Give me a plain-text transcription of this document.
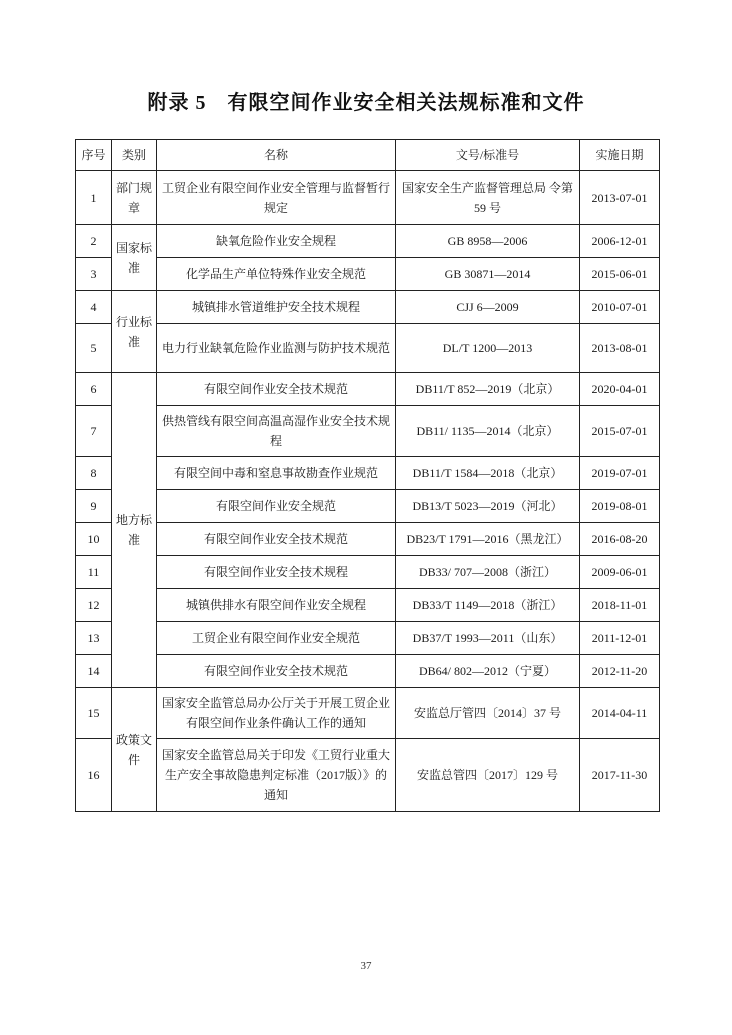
附录 5　有限空间作业安全相关法规标准和文件
序号	类别	名称	文号/标准号	实施日期
1	部门规章	工贸企业有限空间作业安全管理与监督暂行规定	国家安全生产监督管理总局 令第 59 号	2013-07-01
2	国家标准	缺氧危险作业安全规程	GB 8958—2006	2006-12-01
3		化学品生产单位特殊作业安全规范	GB 30871—2014	2015-06-01
4	行业标准	城镇排水管道维护安全技术规程	CJJ 6—2009	2010-07-01
5		电力行业缺氧危险作业监测与防护技术规范	DL/T 1200—2013	2013-08-01
6	地方标准	有限空间作业安全技术规范	DB11/T 852—2019（北京）	2020-04-01
7		供热管线有限空间高温高湿作业安全技术规程	DB11/ 1135—2014（北京）	2015-07-01
8		有限空间中毒和窒息事故勘查作业规范	DB11/T 1584—2018（北京）	2019-07-01
9		有限空间作业安全规范	DB13/T 5023—2019（河北）	2019-08-01
10		有限空间作业安全技术规范	DB23/T 1791—2016（黑龙江）	2016-08-20
11		有限空间作业安全技术规程	DB33/ 707—2008（浙江）	2009-06-01
12		城镇供排水有限空间作业安全规程	DB33/T 1149—2018（浙江）	2018-11-01
13		工贸企业有限空间作业安全规范	DB37/T 1993—2011（山东）	2011-12-01
14		有限空间作业安全技术规范	DB64/ 802—2012（宁夏）	2012-11-20
15	政策文件	国家安全监管总局办公厅关于开展工贸企业有限空间作业条件确认工作的通知	安监总厅管四〔2014〕37 号	2014-04-11
16		国家安全监管总局关于印发《工贸行业重大生产安全事故隐患判定标准（2017版）》的通知	安监总管四〔2017〕129 号	2017-11-30
37
